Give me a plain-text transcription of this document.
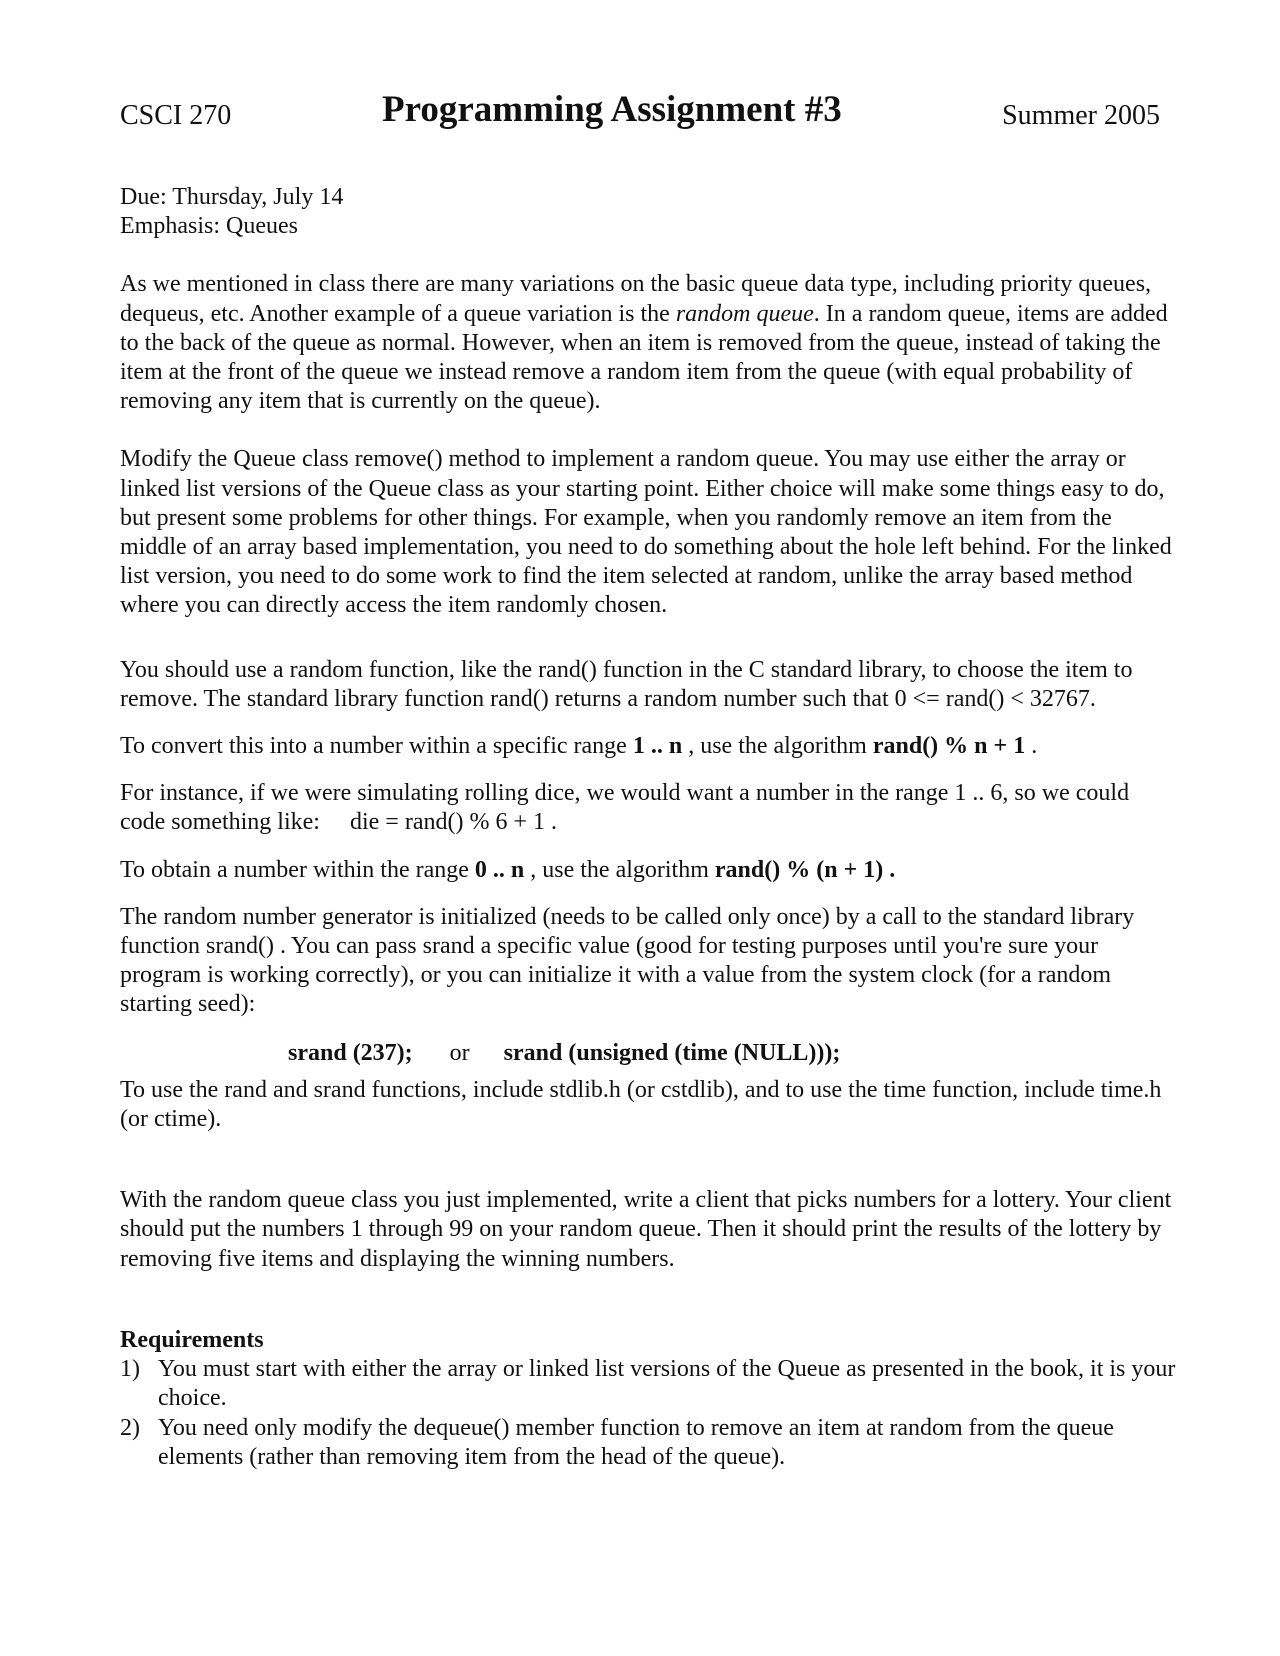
CSCI 270	Programming Assignment #3	Summer 2005

Due: Thursday, July 14

Emphasis: Queues

As we mentioned in class there are many variations on the basic queue data type, including priority queues, dequeus, etc. Another example of a queue variation is the random queue. In a random queue, items are added to the back of the queue as normal. However, when an item is removed from the queue, instead of taking the item at the front of the queue we instead remove a random item from the queue (with equal probability of removing any item that is currently on the queue).

Modify the Queue class remove() method to implement a random queue. You may use either the array or linked list versions of the Queue class as your starting point. Either choice will make some things easy to do, but present some problems for other things. For example, when you randomly remove an item from the middle of an array based implementation, you need to do something about the hole left behind. For the linked list version, you need to do some work to find the item selected at random, unlike the array based method where you can directly access the item randomly chosen.

You should use a random function, like the rand() function in the C standard library, to choose the item to remove. The standard library function rand() returns a random number such that 0 <= rand() < 32767.

To convert this into a number within a specific range 1 .. n , use the algorithm rand() % n + 1 .

For instance, if we were simulating rolling dice, we would want a number in the range 1 .. 6, so we could code something like: die = rand() % 6 + 1 .

To obtain a number within the range 0 .. n , use the algorithm rand() % (n + 1) .

The random number generator is initialized (needs to be called only once) by a call to the standard library function srand() . You can pass srand a specific value (good for testing purposes until you're sure your program is working correctly), or you can initialize it with a value from the system clock (for a random starting seed):

srand (237); or srand (unsigned (time (NULL)));

To use the rand and srand functions, include stdlib.h (or cstdlib), and to use the time function, include time.h (or ctime).

With the random queue class you just implemented, write a client that picks numbers for a lottery. Your client should put the numbers 1 through 99 on your random queue. Then it should print the results of the lottery by removing five items and displaying the winning numbers.

Requirements

1) You must start with either the array or linked list versions of the Queue as presented in the book, it is your choice.
2) You need only modify the dequeue() member function to remove an item at random from the queue elements (rather than removing item from the head of the queue).
